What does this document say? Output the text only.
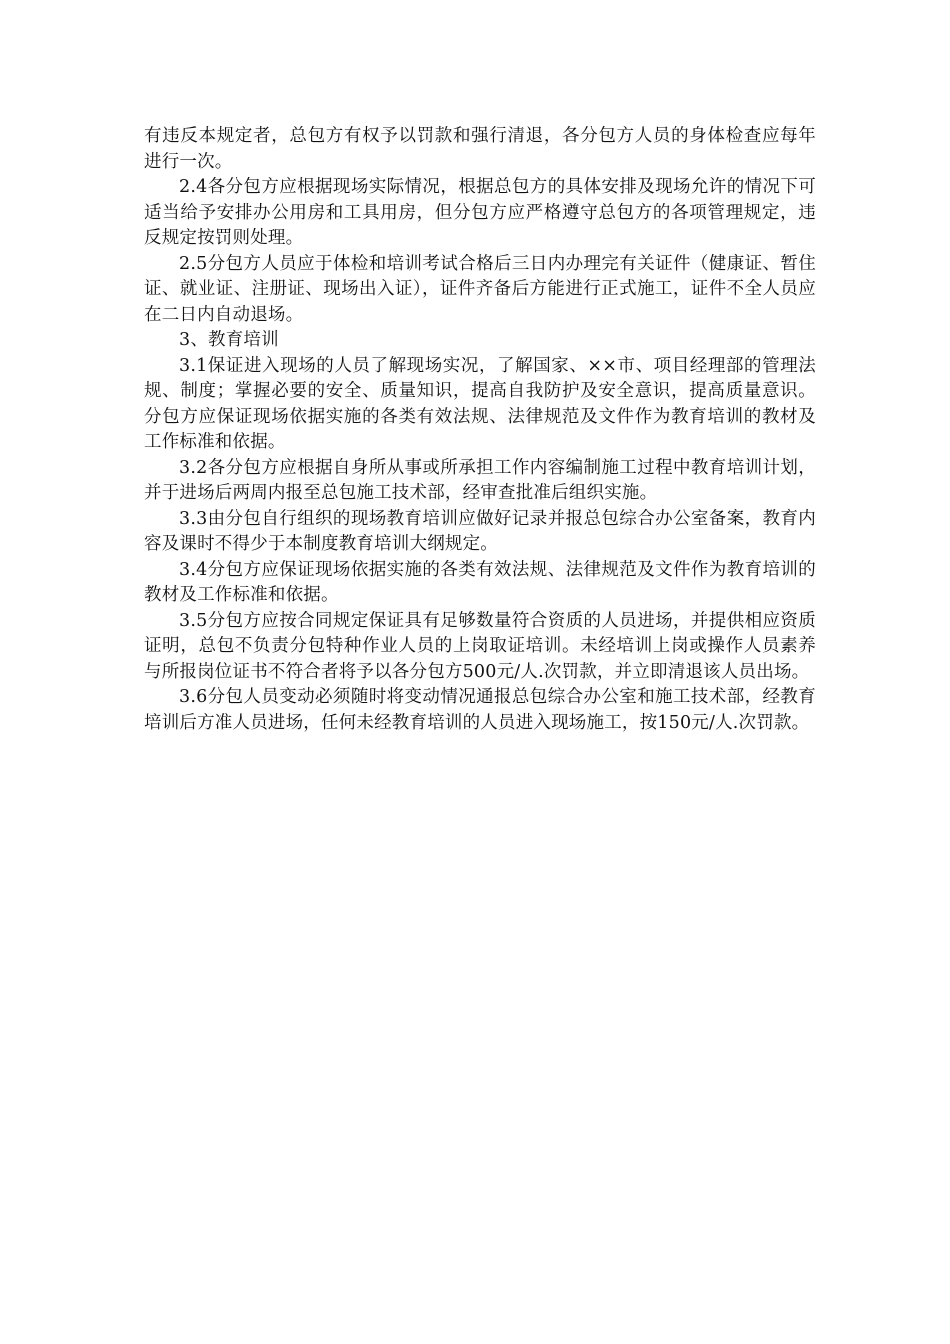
有违反本规定者，总包方有权予以罚款和强行清退，各分包方人员的身体检查应每年进行一次。

2.4各分包方应根据现场实际情况，根据总包方的具体安排及现场允许的情况下可适当给予安排办公用房和工具用房，但分包方应严格遵守总包方的各项管理规定，违反规定按罚则处理。

2.5分包方人员应于体检和培训考试合格后三日内办理完有关证件（健康证、暂住证、就业证、注册证、现场出入证），证件齐备后方能进行正式施工，证件不全人员应在二日内自动退场。

3、教育培训

3.1保证进入现场的人员了解现场实况，了解国家、××市、项目经理部的管理法规、制度；掌握必要的安全、质量知识，提高自我防护及安全意识，提高质量意识。分包方应保证现场依据实施的各类有效法规、法律规范及文件作为教育培训的教材及工作标准和依据。

3.2各分包方应根据自身所从事或所承担工作内容编制施工过程中教育培训计划，并于进场后两周内报至总包施工技术部，经审查批准后组织实施。

3.3由分包自行组织的现场教育培训应做好记录并报总包综合办公室备案，教育内容及课时不得少于本制度教育培训大纲规定。

3.4分包方应保证现场依据实施的各类有效法规、法律规范及文件作为教育培训的教材及工作标准和依据。

3.5分包方应按合同规定保证具有足够数量符合资质的人员进场，并提供相应资质证明，总包不负责分包特种作业人员的上岗取证培训。未经培训上岗或操作人员素养与所报岗位证书不符合者将予以各分包方500元/人.次罚款，并立即清退该人员出场。

3.6分包人员变动必须随时将变动情况通报总包综合办公室和施工技术部，经教育培训后方准人员进场，任何未经教育培训的人员进入现场施工，按150元/人.次罚款。
